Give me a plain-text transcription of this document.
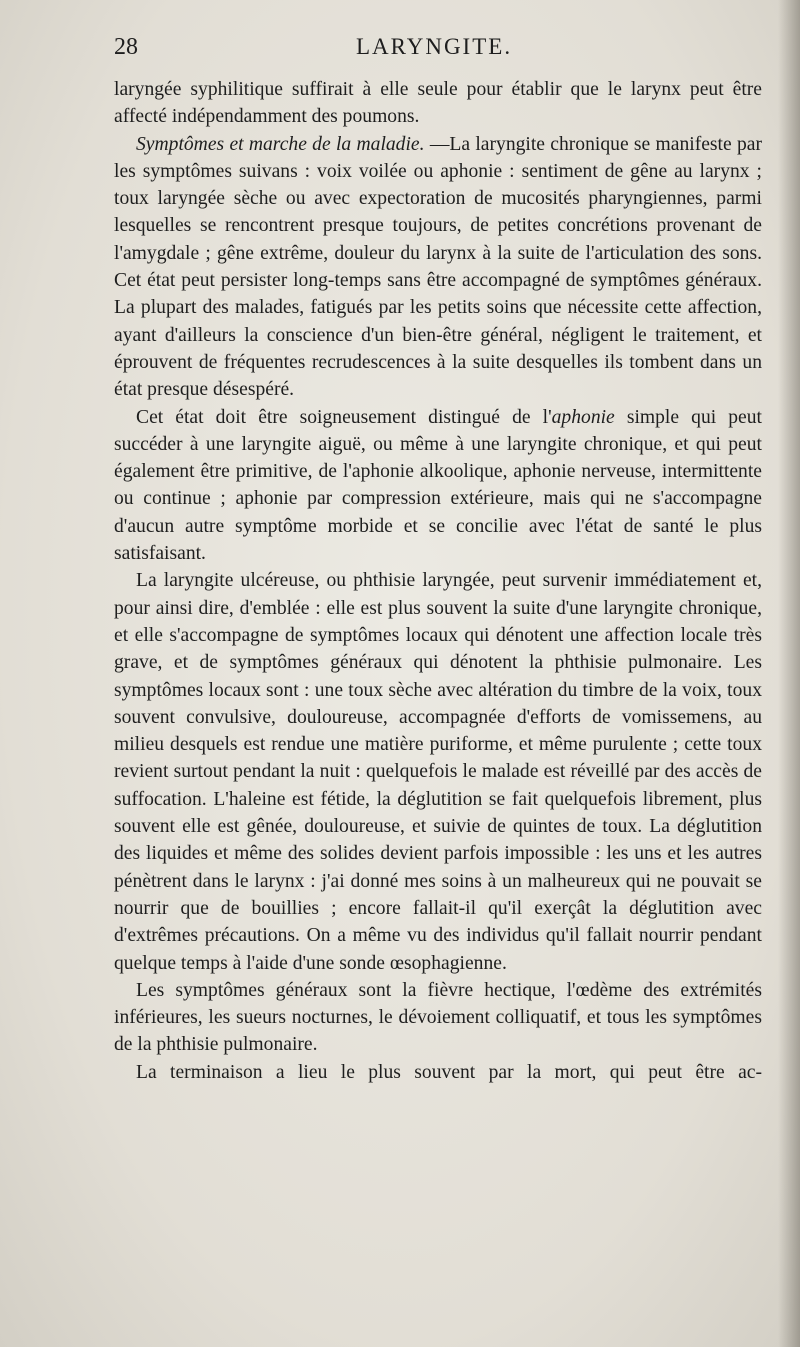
28	LARYNGITE.

laryngée syphilitique suffirait à elle seule pour établir que le larynx peut être affecté indépendamment des poumons.

Symptômes et marche de la maladie. —La laryngite chronique se manifeste par les symptômes suivans : voix voilée ou aphonie : sentiment de gêne au larynx ; toux laryngée sèche ou avec expectoration de mucosités pharyngiennes, parmi lesquelles se rencontrent presque toujours, de petites concrétions provenant de l'amygdale ; gêne extrême, douleur du larynx à la suite de l'articulation des sons. Cet état peut persister long-temps sans être accompagné de symptômes généraux. La plupart des malades, fatigués par les petits soins que nécessite cette affection, ayant d'ailleurs la conscience d'un bien-être général, négligent le traitement, et éprouvent de fréquentes recrudescences à la suite desquelles ils tombent dans un état presque désespéré.

Cet état doit être soigneusement distingué de l'aphonie simple qui peut succéder à une laryngite aiguë, ou même à une laryngite chronique, et qui peut également être primitive, de l'aphonie alkoolique, aphonie nerveuse, intermittente ou continue ; aphonie par compression extérieure, mais qui ne s'accompagne d'aucun autre symptôme morbide et se concilie avec l'état de santé le plus satisfaisant.

La laryngite ulcéreuse, ou phthisie laryngée, peut survenir immédiatement et, pour ainsi dire, d'emblée : elle est plus souvent la suite d'une laryngite chronique, et elle s'accompagne de symptômes locaux qui dénotent une affection locale très grave, et de symptômes généraux qui dénotent la phthisie pulmonaire. Les symptômes locaux sont : une toux sèche avec altération du timbre de la voix, toux souvent convulsive, douloureuse, accompagnée d'efforts de vomissemens, au milieu desquels est rendue une matière puriforme, et même purulente ; cette toux revient surtout pendant la nuit : quelquefois le malade est réveillé par des accès de suffocation. L'haleine est fétide, la déglutition se fait quelquefois librement, plus souvent elle est gênée, douloureuse, et suivie de quintes de toux. La déglutition des liquides et même des solides devient parfois impossible : les uns et les autres pénètrent dans le larynx : j'ai donné mes soins à un malheureux qui ne pouvait se nourrir que de bouillies ; encore fallait-il qu'il exerçât la déglutition avec d'extrêmes précautions. On a même vu des individus qu'il fallait nourrir pendant quelque temps à l'aide d'une sonde œsophagienne.

Les symptômes généraux sont la fièvre hectique, l'œdème des extrémités inférieures, les sueurs nocturnes, le dévoiement colliquatif, et tous les symptômes de la phthisie pulmonaire.

La terminaison a lieu le plus souvent par la mort, qui peut être ac-
